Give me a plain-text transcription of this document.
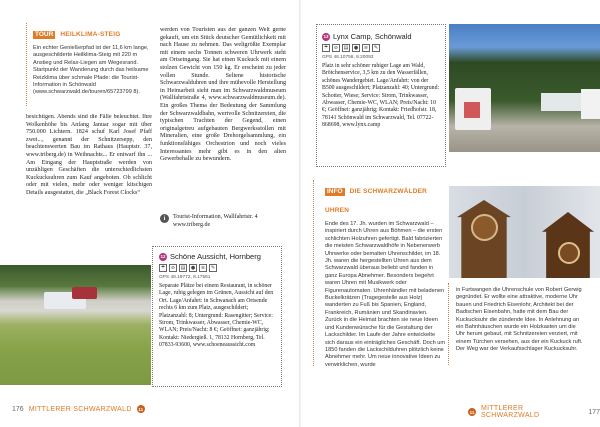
TOUR HEILKLIMA-STEIG
Ein echter Genießerpfad ist der 11,6 km lange, ausgeschilderte Heilklima-Steig mit 220 m Anstieg und Relax-Liegen am Wegesrand. Startpunkt der Wanderung durch das heilsame Reizklima über schmale Pfade: die Tourist-Information in Schönwald (www.schwarzwald.de/touren/65723799 8).
besichtigen. Abends sind die Fälle beleuchtet. Ihre Wolkenhöhe bis Anfang Januar sogar mit über 750.000 Lichtern. 1824 schuf Karl Josef Pfaff zwei..., genannt der Schnitzersepp, den beachtenswerten Bau im Rathaus (Hauptstr. 37, www.triberg.de) in Weihnachts... Er entwarf ihn ... Am Eingang der Hauptstraße werden von unzähligen Geschäften die unterschiedlichsten Kuckucksuhren zum Kauf angeboten. Ob schlicht oder mit vielen, mehr oder weniger kitschigen Details ausgestattet, die „Black Forest Clocks“
werden von Touristen aus der ganzen Welt gerne gekauft, um ein Stück deutscher Gemütlichkeit mit nach Hause zu nehmen. Das weltgrößte Exemplar mit einem sechs Tonnen schweren Uhrwerk steht am Ortseingang. Sie hat einen Kuckuck mit einem stolzen Gewicht von 150 kg. Er erscheint zu jeder vollen Stunde. Seltene historische Schwarzwalduhren und ihre mühevolle Herstellung in Heimarbeit sieht man im Schwarzwaldmuseum (Wallfahrtstraße 4, www.schwarzwaldmuseum.de). Ein großes Thema der Bedeutung der Sammlung der Schwarzwaldbahn, wertvolle Schnitzereien, die typischen Trachten der Gegend, einen originalgetreu aufgebauten Bergwerksstollen mit Mineralien, eine große Drehorgelsammlung, ein funktionsfähiges Orchestrion und noch vieles Interessantes mehr gibt es in den alten Gewerbehalle zu bewundern.
i	Tourist-Information, Wallfahrtstr. 4
www.triberg.de
12 Schöne Aussicht, Hornberg
☂	⊘	▤	●	≋	✎
GPS 48.19772, 8.17561
Separate Plätze bei einem Restaurant, in schöner Lage, ruhig gelegen im Grünen, Aussicht auf den Ort. Lage/Anfahrt: in Schwanach am Ortsende rechts 6 km zum Platz, ausgeschildert; Platzanzahl: 8; Untergrund: Rasengitter; Service: Strom, Trinkwasser, Abwasser, Chemie-WC, WLAN; Preis/Nacht: 8 €; Geöffnet: ganzjährig; Kontakt: Niedergieß. 1, 78132 Hornberg, Tel. 07833-93600, www.schoeneaussicht.com
176 MITTLERER SCHWARZWALD	11
13 Lynx Camp, Schönwald
☂	⊘	▤	●	≋	✎
GPS 48.10758, 8.20093
Platz in sehr schöner ruhiger Lage am Wald, Brötchenservice, 3,5 km zu den Wasserfällen, schönes Wandergebiet. Lage/Anfahrt: von der B500 ausgeschildert; Platzanzahl: 40; Untergrund: Schotter, Wiese; Service: Strom, Trinkwasser, Abwasser, Chemie-WC, WLAN; Preis/Nacht: 10 €; Geöffnet: ganzjährig; Kontakt: Friedhofstr. 18, 78141 Schönwald im Schwarzwald, Tel. 07722-868698, www.lynx.camp
INFO DIE SCHWARZWÄLDER UHREN
Ende des 17. Jh. wurden im Schwarzwald – inspiriert durch Uhren aus Böhmen – die ersten schlichten Holzuhren gefertigt. Bald fabrizierten die meisten Schwarzwaldhöfe in Nebenerwerb Uhrwerke oder bemalten Uhrenschilder, im 18. Jh. waren die hergestellten Uhren aus dem Schwarzwald überaus beliebt und fanden in ganz Europa Abnehmer. Besonders begehrt waren Uhren mit Musikwerk oder Figurenautomaten. Uhrenhändler mit beladenen Buckelkrätzen (Tragegestelle aus Holz) wanderten zu Fuß bis Spanien, England, Frankreich, Rumänien und Skandinavien. Zurück in die Heimat brachten sie neue Ideen und Kundenwünsche für die Gestaltung der Lackschilder. Im Laufe der Jahre entwickelte sich daraus ein einträgliches Geschäft. Doch um 1850 fanden die Lackschilduhren plötzlich keine Abnehmer mehr. Um neue innovative Ideen zu verwirklichen, wurde
in Furtwangen die Uhrenschule von Robert Gerwig gegründet. Er wollte eine attraktive, moderne Uhr bauen und Friedrich Eisenlohr, Architekt bei der Badischen Eisenbahn, hatte mit dem Bau der Kuckucksuhr die zündende Idee. In Anlehnung an ein Bahnhäuschen wurde ein Holzkasten um die Uhr herum gebaut, mit Schnitzereien verziert, mit einem Türchen versehen, aus der ein Kuckuck ruft. Der Weg war der Verkaufsschlager Kuckucksuhr.
11 MITTLERER SCHWARZWALD	177
